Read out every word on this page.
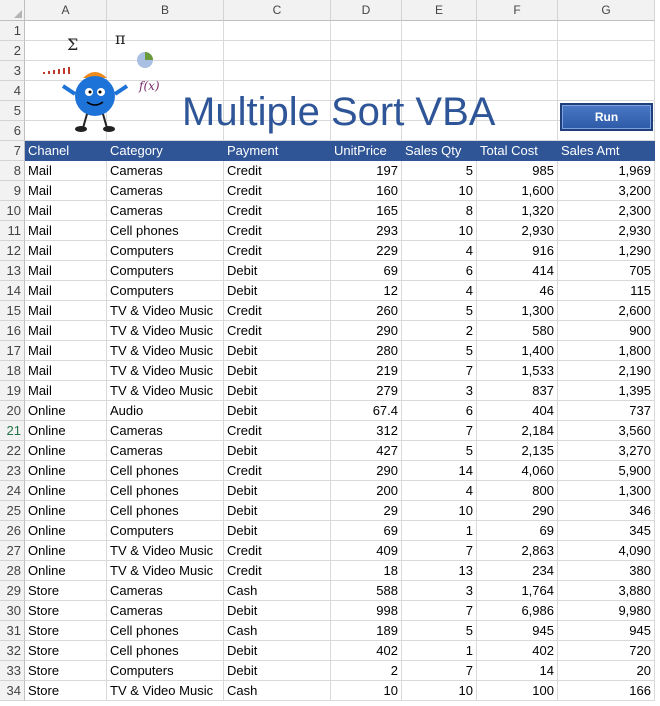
A	B	C	D	E	F	G
1
2
3
4
5
6
Σ π
f(x)
Multiple Sort VBA	Run
7 Chanel	Category	Payment	UnitPrice	Sales Qty	Total Cost	Sales Amt
8 Mail	Cameras	Credit	197	5	985	1,969
9 Mail	Cameras	Credit	160	10	1,600	3,200
10 Mail	Cameras	Credit	165	8	1,320	2,300
11 Mail	Cell phones	Credit	293	10	2,930	2,930
12 Mail	Computers	Credit	229	4	916	1,290
13 Mail	Computers	Debit	69	6	414	705
14 Mail	Computers	Debit	12	4	46	115
15 Mail	TV & Video Music	Credit	260	5	1,300	2,600
16 Mail	TV & Video Music	Credit	290	2	580	900
17 Mail	TV & Video Music	Debit	280	5	1,400	1,800
18 Mail	TV & Video Music	Debit	219	7	1,533	2,190
19 Mail	TV & Video Music	Debit	279	3	837	1,395
20 Online	Audio	Debit	67.4	6	404	737
21 Online	Cameras	Credit	312	7	2,184	3,560
22 Online	Cameras	Debit	427	5	2,135	3,270
23 Online	Cell phones	Credit	290	14	4,060	5,900
24 Online	Cell phones	Debit	200	4	800	1,300
25 Online	Cell phones	Debit	29	10	290	346
26 Online	Computers	Debit	69	1	69	345
27 Online	TV & Video Music	Credit	409	7	2,863	4,090
28 Online	TV & Video Music	Credit	18	13	234	380
29 Store	Cameras	Cash	588	3	1,764	3,880
30 Store	Cameras	Debit	998	7	6,986	9,980
31 Store	Cell phones	Cash	189	5	945	945
32 Store	Cell phones	Debit	402	1	402	720
33 Store	Computers	Debit	2	7	14	20
34 Store	TV & Video Music	Cash	10	10	100	166
